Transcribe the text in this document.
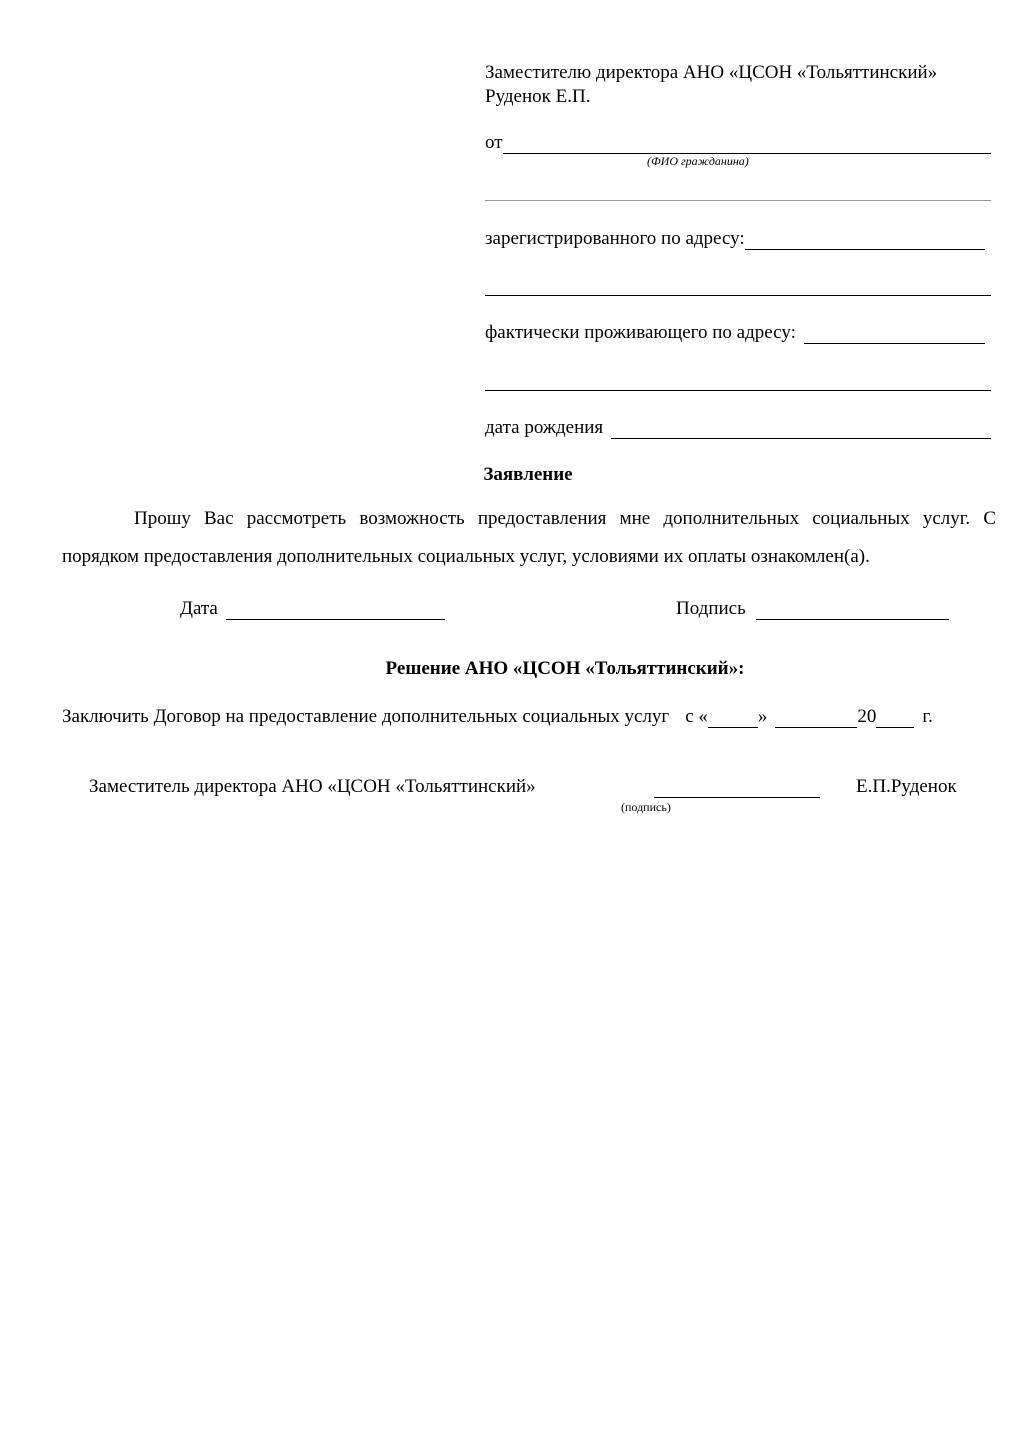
Заместителю директора АНО «ЦСОН «Тольяттинский»
Руденок Е.П.
от
(ФИО гражданина)
зарегистрированного по адресу:
фактически проживающего по адресу:
дата рождения
Заявление
Прошу Вас рассмотреть возможность предоставления мне дополнительных социальных услуг. С порядком предоставления дополнительных социальных услуг, условиями их оплаты ознакомлен(а).
Дата	Подпись
Решение АНО «ЦСОН «Тольяттинский»:
Заключить Договор на предоставление дополнительных социальных услуг с «	»	20 г.
Заместитель директора АНО «ЦСОН «Тольяттинский»
(подпись)
Е.П.Руденок
